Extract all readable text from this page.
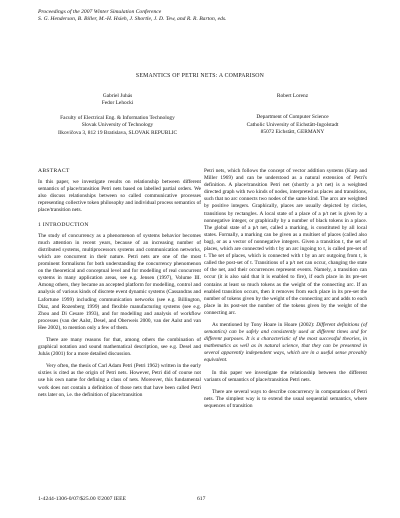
Proceedings of the 2007 Winter Simulation Conference
S. G. Henderson, B. Biller, M.-H. Hsieh, J. Shortle, J. D. Tew, and R. R. Barton, eds.
SEMANTICS OF PETRI NETS: A COMPARISON
Gabriel Juhás
Fedor Lehocki
Faculty of Electrical Eng. & Information Technology
Slovak University of Technology
Ilkovičova 3, 812 19 Bratislava, SLOVAK REPUBLIC
Robert Lorenz
Department of Computer Science
Catholic University of Eichstätt-Ingolstadt
85072 Eichstätt, GERMANY
ABSTRACT

In this paper, we investigate results on relationship between different semantics of place/transition Petri nets based on labelled partial orders. We also discuss relationships between so called communicative processes representing collective token philosophy and individual process semantics of place/transition nets.

1 INTRODUCTION

The study of concurrency as a phenomenon of systems behavior becomes much attention in recent years, because of an increasing number of distributed systems, multiprocessors systems and communication networks, which are concurrent in their nature. Petri nets are one of the most prominent formalisms for both understanding the concurrency phenomenon on the theoretical and conceptual level and for modelling of real concurrent systems in many application areas, see e.g. Jensen (1997), Volume III. Among others, they became an accepted platform for modelling, control and analysis of various kinds of discrete event dynamic systems (Cassandras and Lafortune 1999) including communication networks (see e.g. Billington, Diaz, and Rozenberg 1999) and flexible manufacturing systems (see e.g. Zhou and Di Cesare 1993), and for modelling and analysis of workflow processes (van der Aalst, Desel, and Oberweis 2000, van der Aalst and van Hee 2002), to mention only a few of them.

There are many reasons for that, among others the combination of graphical notation and sound mathematical description, see e.g. Desel and Juhás (2001) for a more detailed discussion.

Very often, the thesis of Carl Adam Petri (Petri 1962) written in the early sixties is cited as the origin of Petri nets. However, Petri did of course not use his own name for defining a class of nets. Moreover, this fundamental work does not contain a definition of those nets that have been called Petri nets later on, i.e. the definition of place/transition

Petri nets, which follows the concept of vector addition systems (Karp and Miller 1969) and can be understood as a natural extension of Petri's definition. A place/transition Petri net (shortly a p/t net) is a weighted directed graph with two kinds of nodes, interpreted as places and transitions, such that no arc connects two nodes of the same kind. The arcs are weighted by positive integers. Graphically, places are usually depicted by circles, transitions by rectangles. A local state of a place of a p/t net is given by a nonnegative integer, or graphically by a number of black tokens in a place. The global state of a p/t net, called a marking, is constituted by all local states. Formally, a marking can be given as a multiset of places (called also bag), or as a vector of nonnegative integers. Given a transition t, the set of places, which are connected with t by an arc ingoing to t, is called pre-set of t. The set of places, which is connected with t by an arc outgoing from t, is called the post-set of t. Transitions of a p/t net can occur, changing the state of the net, and their occurrences represent events. Namely, a transition can occur (it is also said that it is enabled to fire), if each place in its pre-set contains at least so much tokens as the weight of the connecting arc. If an enabled transition occurs, then it removes from each place in its pre-set the number of tokens given by the weight of the connecting arc and adds to each place in its post-set the number of the tokens given by the weight of the connecting arc.

As mentioned by Tony Hoare in Hoare (2002): Different definitions (of semantics) can be safely and consistently used at different times and for different purposes. It is a characteristic of the most successful theories, in mathematics as well as in natural science, that they can be presented in several apparently independent ways, which are in a useful sense provably equivalent.

In this paper we investigate the relationship between the different variants of semantics of place/transition Petri nets.

There are several ways to describe concurrency in computations of Petri nets. The simplest way is to extend the usual sequential semantics, where sequences of transition

1-4244-1306-0/07/$25.00 ©2007 IEEE	617
